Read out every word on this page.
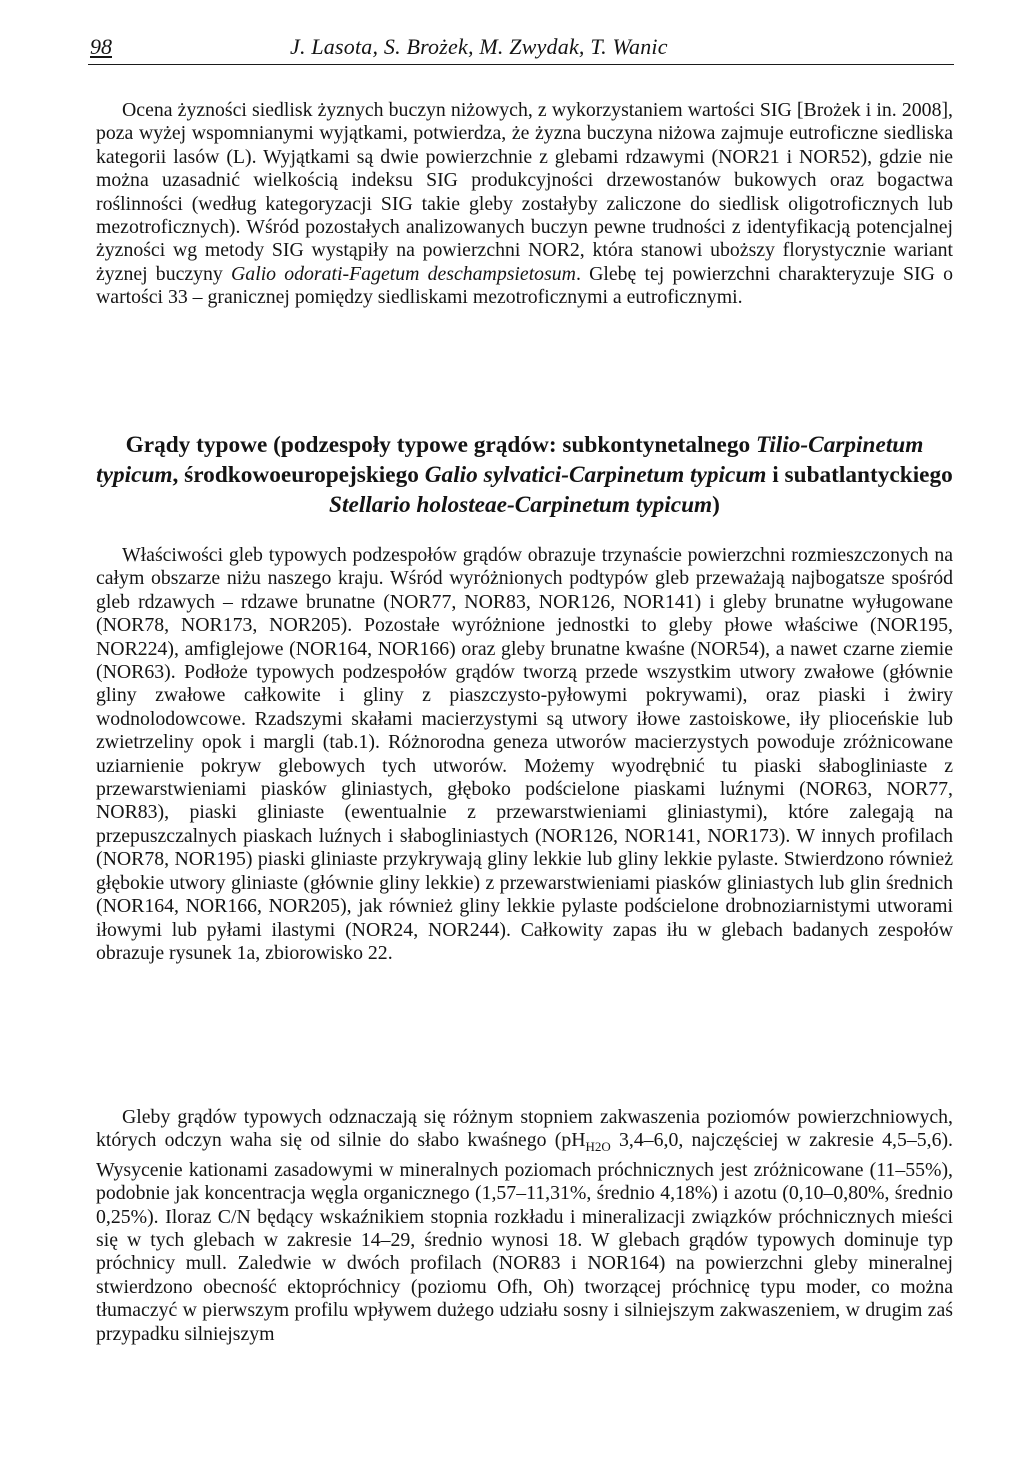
98	J. Lasota, S. Brożek, M. Zwydak, T. Wanic

Ocena żyzności siedlisk żyznych buczyn niżowych, z wykorzystaniem wartości SIG [Brożek i in. 2008], poza wyżej wspomnianymi wyjątkami, potwierdza, że żyzna buczyna niżowa zajmuje eutroficzne siedliska kategorii lasów (L). Wyjątkami są dwie powierzchnie z glebami rdzawymi (NOR21 i NOR52), gdzie nie można uzasadnić wielkością indeksu SIG produkcyjności drzewostanów bukowych oraz bogactwa roślinności (według kategoryzacji SIG takie gleby zostałyby zaliczone do siedlisk oligotroficznych lub mezotroficznych). Wśród pozostałych analizowanych buczyn pewne trudności z identyfikacją potencjalnej żyzności wg metody SIG wystąpiły na powierzchni NOR2, która stanowi uboższy florystycznie wariant żyznej buczyny Galio odorati-Fagetum deschampsietosum. Glebę tej powierzchni charakteryzuje SIG o wartości 33 – granicznej pomiędzy siedliskami mezotroficznymi a eutroficznymi.

Grądy typowe (podzespoły typowe grądów: subkontynetalnego Tilio-Carpinetum typicum, środkowoeuropejskiego Galio sylvatici-Carpinetum typicum i subatlantyckiego Stellario holosteae-Carpinetum typicum)

Właściwości gleb typowych podzespołów grądów obrazuje trzynaście powierzchni rozmieszczonych na całym obszarze niżu naszego kraju. Wśród wyróżnionych podtypów gleb przeważają najbogatsze spośród gleb rdzawych – rdzawe brunatne (NOR77, NOR83, NOR126, NOR141) i gleby brunatne wyługowane (NOR78, NOR173, NOR205). Pozostałe wyróżnione jednostki to gleby płowe właściwe (NOR195, NOR224), amfiglejowe (NOR164, NOR166) oraz gleby brunatne kwaśne (NOR54), a nawet czarne ziemie (NOR63). Podłoże typowych podzespołów grądów tworzą przede wszystkim utwory zwałowe (głównie gliny zwałowe całkowite i gliny z piaszczysto-pyłowymi pokrywami), oraz piaski i żwiry wodnolodowcowe. Rzadszymi skałami macierzystymi są utwory iłowe zastoiskowe, iły plioceńskie lub zwietrzeliny opok i margli (tab.1). Różnorodna geneza utworów macierzystych powoduje zróżnicowane uziarnienie pokryw glebowych tych utworów. Możemy wyodrębnić tu piaski słabogliniaste z przewarstwieniami piasków gliniastych, głęboko podścielone piaskami luźnymi (NOR63, NOR77, NOR83), piaski gliniaste (ewentualnie z przewarstwieniami gliniastymi), które zalegają na przepuszczalnych piaskach luźnych i słabogliniastych (NOR126, NOR141, NOR173). W innych profilach (NOR78, NOR195) piaski gliniaste przykrywają gliny lekkie lub gliny lekkie pylaste. Stwierdzono również głębokie utwory gliniaste (głównie gliny lekkie) z przewarstwieniami piasków gliniastych lub glin średnich (NOR164, NOR166, NOR205), jak również gliny lekkie pylaste podścielone drobnoziarnistymi utworami iłowymi lub pyłami ilastymi (NOR24, NOR244). Całkowity zapas iłu w glebach badanych zespołów obrazuje rysunek 1a, zbiorowisko 22.

Gleby grądów typowych odznaczają się różnym stopniem zakwaszenia poziomów powierzchniowych, których odczyn waha się od silnie do słabo kwaśnego ($pH_{H2O}$ 3,4–6,0, najczęściej w zakresie 4,5–5,6). Wysycenie kationami zasadowymi w mineralnych poziomach próchnicznych jest zróżnicowane (11–55%), podobnie jak koncentracja węgla organicznego (1,57–11,31%, średnio 4,18%) i azotu (0,10–0,80%, średnio 0,25%). Iloraz C/N będący wskaźnikiem stopnia rozkładu i mineralizacji związków próchnicznych mieści się w tych glebach w zakresie 14–29, średnio wynosi 18. W glebach grądów typowych dominuje typ próchnicy mull. Zaledwie w dwóch profilach (NOR83 i NOR164) na powierzchni gleby mineralnej stwierdzono obecność ektopróchnicy (poziomu Ofh, Oh) tworzącej próchnicę typu moder, co można tłumaczyć w pierwszym profilu wpływem dużego udziału sosny i silniejszym zakwaszeniem, w drugim zaś przypadku silniejszym
